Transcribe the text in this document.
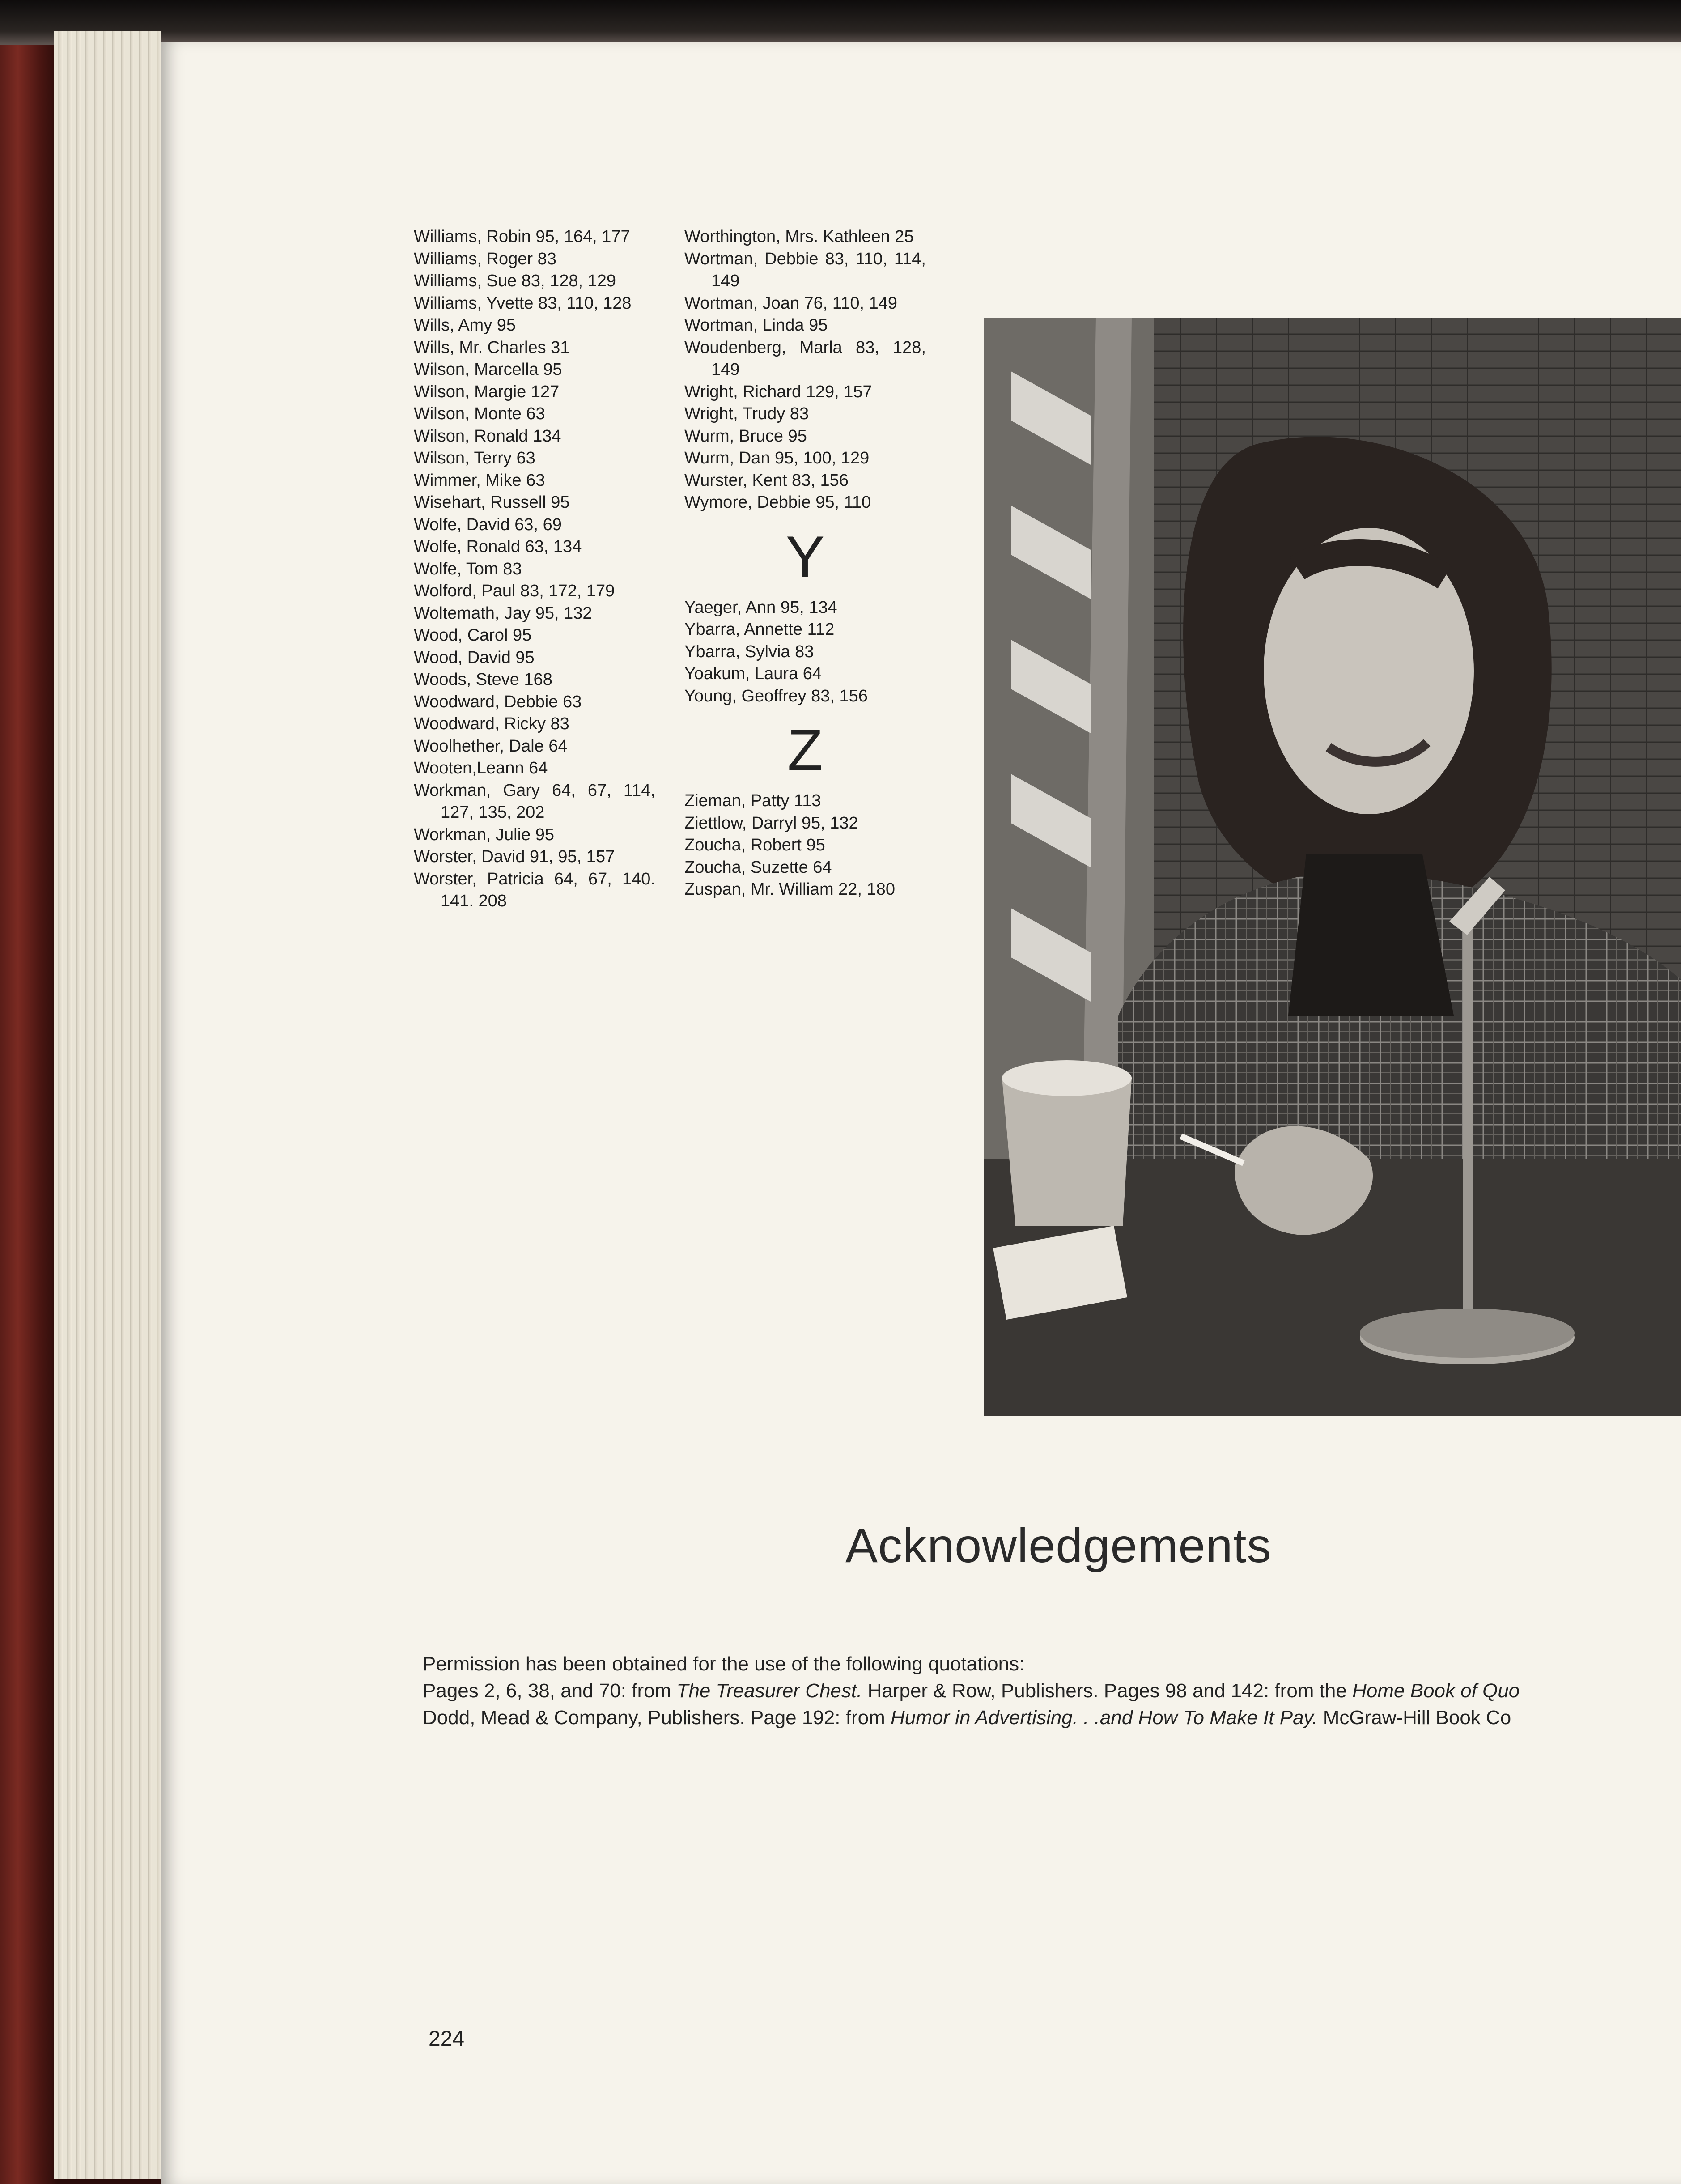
Williams, Robin 95, 164, 177
Williams, Roger 83
Williams, Sue 83, 128, 129
Williams, Yvette 83, 110, 128
Wills, Amy 95
Wills, Mr. Charles 31
Wilson, Marcella 95
Wilson, Margie 127
Wilson, Monte 63
Wilson, Ronald 134
Wilson, Terry 63
Wimmer, Mike 63
Wisehart, Russell 95
Wolfe, David 63, 69
Wolfe, Ronald 63, 134
Wolfe, Tom 83
Wolford, Paul 83, 172, 179
Woltemath, Jay 95, 132
Wood, Carol 95
Wood, David 95
Woods, Steve 168
Woodward, Debbie 63
Woodward, Ricky 83
Woolhether, Dale 64
Wooten,Leann 64
Workman, Gary 64, 67, 114, 127, 135, 202
Workman, Julie 95
Worster, David 91, 95, 157
Worster, Patricia 64, 67, 140. 141. 208
Worthington, Mrs. Kathleen 25
Wortman, Debbie 83, 110, 114, 149
Wortman, Joan 76, 110, 149
Wortman, Linda 95
Woudenberg, Marla 83, 128, 149
Wright, Richard 129, 157
Wright, Trudy 83
Wurm, Bruce 95
Wurm, Dan 95, 100, 129
Wurster, Kent 83, 156
Wymore, Debbie 95, 110
Y
Yaeger, Ann 95, 134
Ybarra, Annette 112
Ybarra, Sylvia 83
Yoakum, Laura 64
Young, Geoffrey 83, 156
Z
Zieman, Patty 113
Ziettlow, Darryl 95, 132
Zoucha, Robert 95
Zoucha, Suzette 64
Zuspan, Mr. William 22, 180
Acknowledgements
Permission has been obtained for the use of the following quotations:
Pages 2, 6, 38, and 70: from The Treasurer Chest. Harper & Row, Publishers. Pages 98 and 142: from the Home Book of Quo
Dodd, Mead & Company, Publishers. Page 192: from Humor in Advertising. . .and How To Make It Pay. McGraw-Hill Book Co
224
